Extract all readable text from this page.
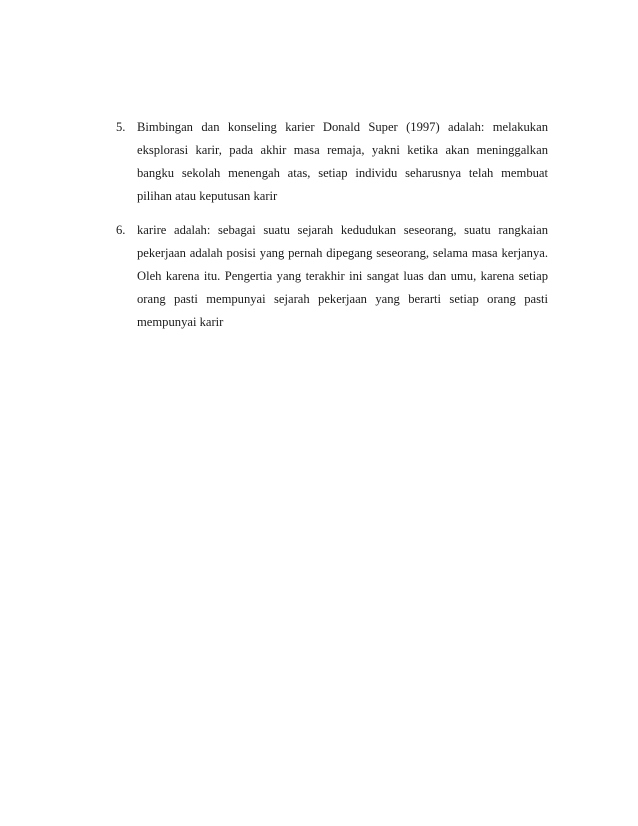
5. Bimbingan dan konseling karier Donald Super (1997) adalah: melakukan eksplorasi karir, pada akhir masa remaja, yakni ketika akan meninggalkan bangku sekolah menengah atas, setiap individu seharusnya telah membuat pilihan atau keputusan karir
6. karire adalah: sebagai suatu sejarah kedudukan seseorang, suatu rangkaian pekerjaan adalah posisi yang pernah dipegang seseorang, selama masa kerjanya. Oleh karena itu. Pengertia yang terakhir ini sangat luas dan umu, karena setiap orang pasti mempunyai sejarah pekerjaan yang berarti setiap orang pasti mempunyai karir
